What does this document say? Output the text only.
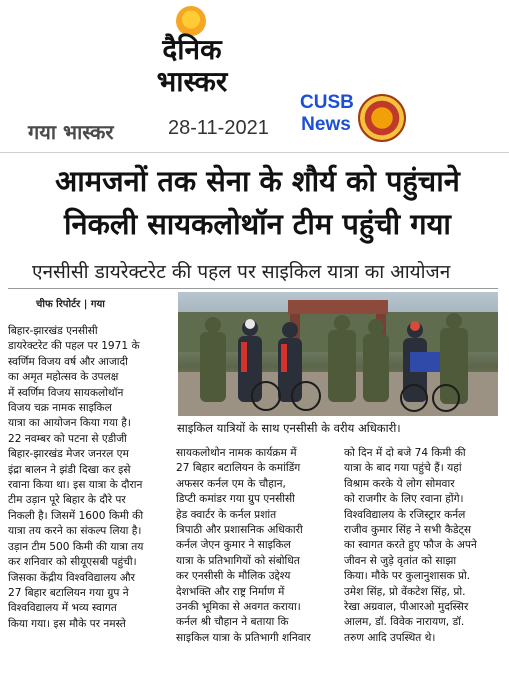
दैनिक
भास्कर
गया भास्कर	28-11-2021
CUSB
News
आमजनों तक सेना के शौर्य को पहुंचाने
निकली सायकलोथॉन टीम पहुंची गया
एनसीसी डायरेक्टरेट की पहल पर साइकिल यात्रा का आयोजन
चीफ रिपोर्टर | गया
साइकिल यात्रियों के साथ एनसीसी के वरीय अधिकारी।
बिहार-झारखंड एनसीसी
डायरेक्टरेट की पहल पर 1971 के
स्वर्णिम विजय वर्ष और आजादी
का अमृत महोत्सव के उपलक्ष
में स्वर्णिम विजय सायकलोथॉन
विजय चक्र नामक साइकिल
यात्रा का आयोजन किया गया है।
22 नवम्बर को पटना से एडीजी
बिहार-झारखंड मेजर जनरल एम
इंद्रा बालन ने झंडी दिखा कर इसे
रवाना किया था। इस यात्रा के दौरान
टीम उड़ान पूरे बिहार के दौरे पर
निकली है। जिसमें 1600 किमी की
यात्रा तय करने का संकल्प लिया है।
उड़ान टीम 500 किमी की यात्रा तय
कर शनिवार को सीयूएसबी पहुंची।
जिसका केंद्रीय विश्वविद्यालय और
27 बिहार बटालियन गया ग्रुप ने
विश्वविद्यालय में भव्य स्वागत
किया गया। इस मौके पर नमस्ते
सायकलोथोन नामक कार्यक्रम में
27 बिहार बटालियन के कमांडिंग
अफसर कर्नल एम के चौहान,
डिप्टी कमांडर गया ग्रुप एनसीसी
हेड क्वार्टर के कर्नल प्रशांत
त्रिपाठी और प्रशासनिक अधिकारी
कर्नल जेएन कुमार ने साइकिल
यात्रा के प्रतिभागियों को संबोधित
कर एनसीसी के मौलिक उद्देश्य
देशभक्ति और राष्ट्र निर्माण में
उनकी भूमिका से अवगत कराया।
कर्नल श्री चौहान ने बताया कि
साइकिल यात्रा के प्रतिभागी शनिवार
को दिन में दो बजे 74 किमी की
यात्रा के बाद गया पहुंचे हैं। यहां
विश्राम करके ये लोग सोमवार
को राजगीर के लिए रवाना होंगे।
विश्वविद्यालय के रजिस्ट्रार कर्नल
राजीव कुमार सिंह ने सभी कैडेट्स
का स्वागत करते हुए फौज के अपने
जीवन से जुड़े वृतांत को साझा
किया। मौके पर कुलानुशासक प्रो.
उमेश सिंह, प्रो वेंकटेश सिंह, प्रो.
रेखा अग्रवाल, पीआरओ मुदस्सिर
आलम, डॉ. विवेक नारायण, डॉ.
तरुण आदि उपस्थित थे।
